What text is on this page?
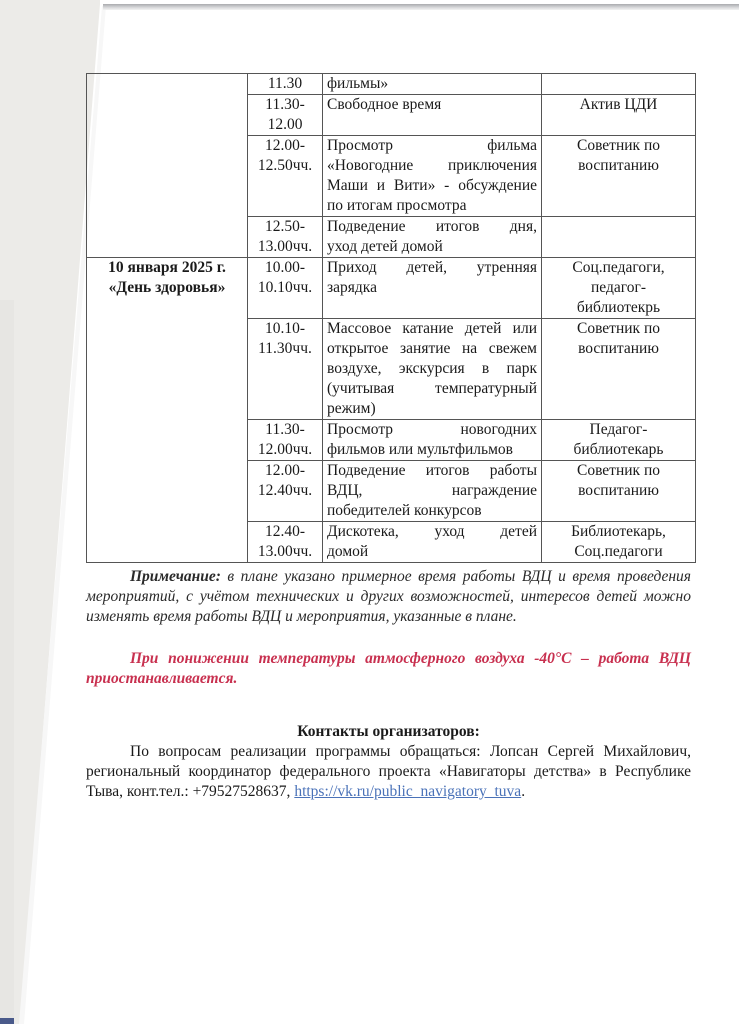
	11.30	фильмы»	

	11.30-
12.00	Свободное время	Актив ЦДИ

	12.00-
12.50чч.	Просмотр фильма
«Новогодние приключения
Маши и Вити» - обсуждение
по итогам просмотра	Советник по
воспитанию

	12.50-
13.00чч.	Подведение итогов дня,
уход детей домой	

10 января 2025 г.
«День здоровья»	10.00-
10.10чч.	Приход детей, утренняя
зарядка	Соц.педагоги,
педагог-
библиотекрь

	10.10-
11.30чч.	Массовое катание детей или
открытое занятие на свежем
воздухе, экскурсия в парк
(учитывая температурный
режим)	Советник по
воспитанию

	11.30-
12.00чч.	Просмотр новогодних
фильмов или мультфильмов	Педагог-
библиотекарь

	12.00-
12.40чч.	Подведение итогов работы
ВДЦ, награждение
победителей конкурсов	Советник по
воспитанию

	12.40-
13.00чч.	Дискотека, уход детей
домой	Библиотекарь,
Соц.педагоги
Примечание: в плане указано примерное время работы ВДЦ и время проведения мероприятий, с учётом технических и других возможностей, интересов детей можно изменять время работы ВДЦ и мероприятия, указанные в плане.
При понижении температуры атмосферного воздуха -40°С – работа ВДЦ приостанавливается.
Контакты организаторов:
По вопросам реализации программы обращаться: Лопсан Сергей Михайлович, региональный координатор федерального проекта «Навигаторы детства» в Республике Тыва, конт.тел.: +79527528637, https://vk.ru/public_navigatory_tuva.
